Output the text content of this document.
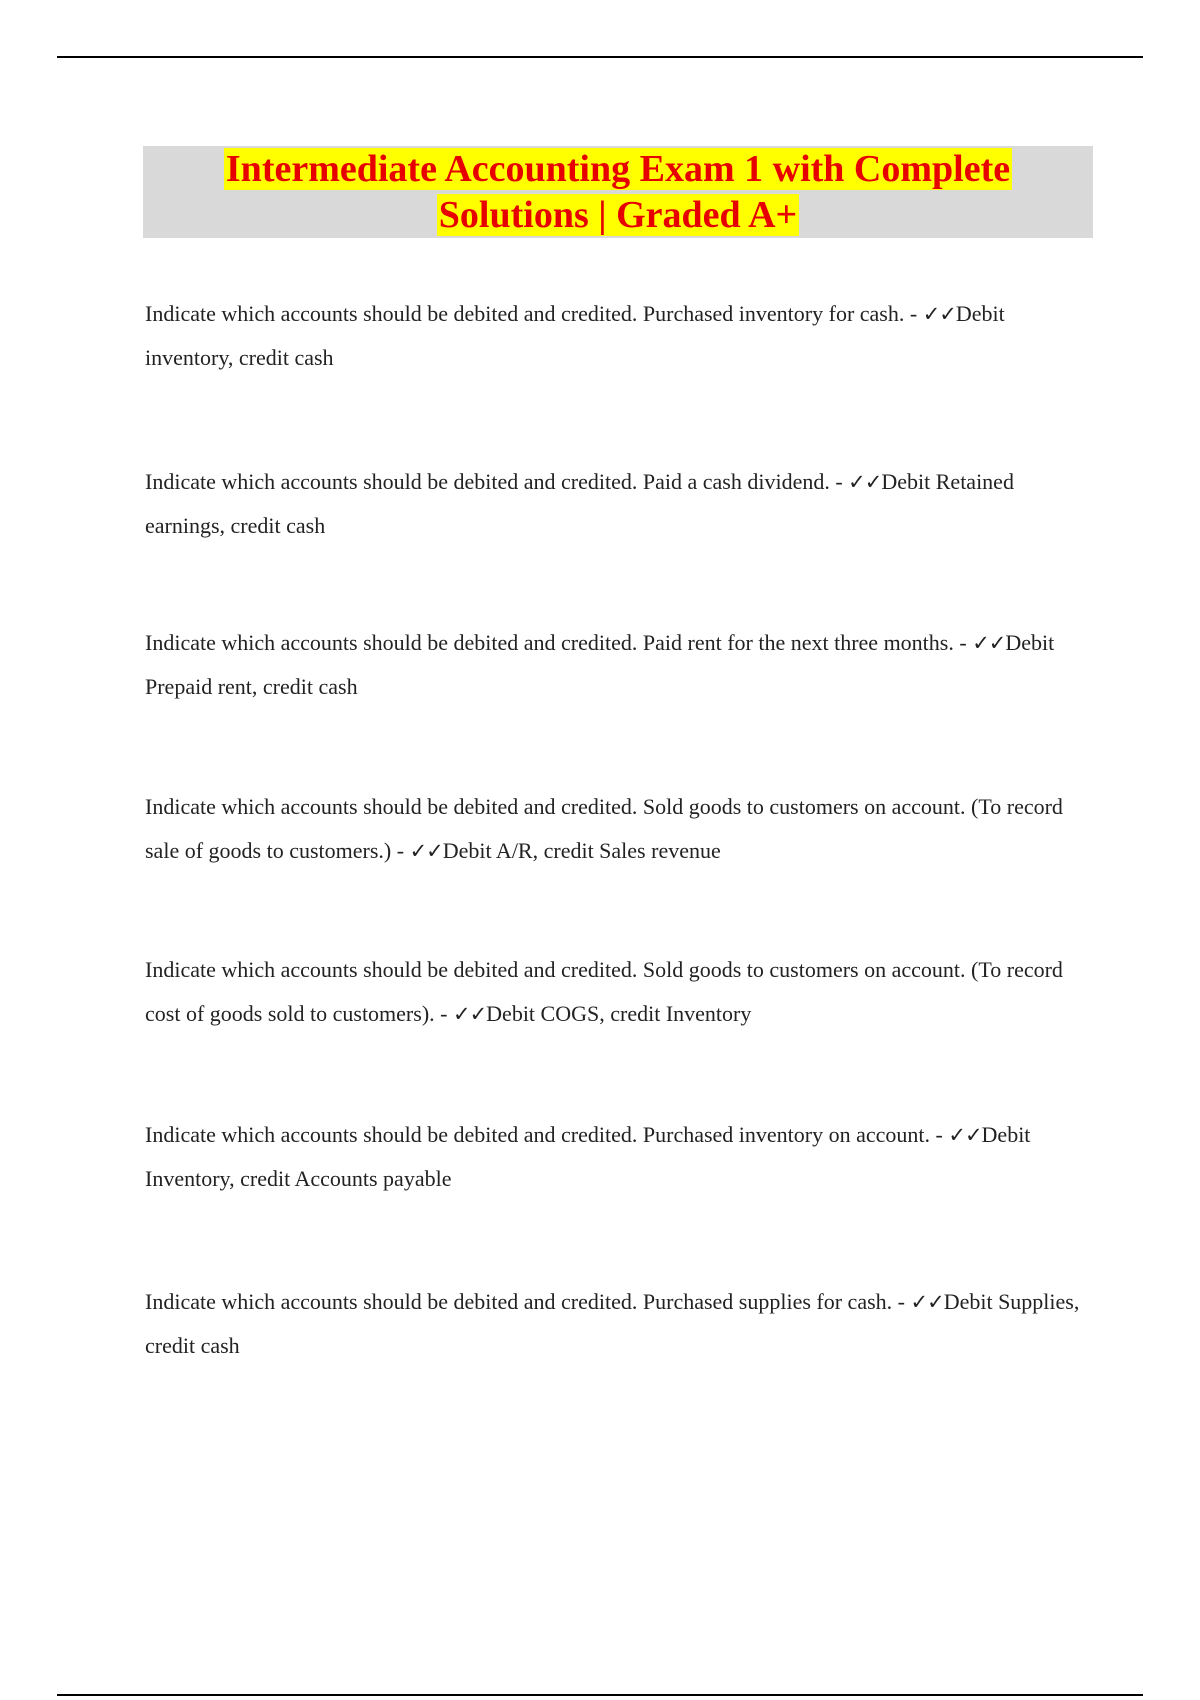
Intermediate Accounting Exam 1 with Complete
Solutions | Graded A+
Indicate which accounts should be debited and credited. Purchased inventory for cash. - ✓✓Debit inventory, credit cash
Indicate which accounts should be debited and credited. Paid a cash dividend. - ✓✓Debit Retained earnings, credit cash
Indicate which accounts should be debited and credited. Paid rent for the next three months. - ✓✓Debit Prepaid rent, credit cash
Indicate which accounts should be debited and credited. Sold goods to customers on account. (To record sale of goods to customers.) - ✓✓Debit A/R, credit Sales revenue
Indicate which accounts should be debited and credited. Sold goods to customers on account. (To record cost of goods sold to customers). - ✓✓Debit COGS, credit Inventory
Indicate which accounts should be debited and credited. Purchased inventory on account. - ✓✓Debit Inventory, credit Accounts payable
Indicate which accounts should be debited and credited. Purchased supplies for cash. - ✓✓Debit Supplies, credit cash
